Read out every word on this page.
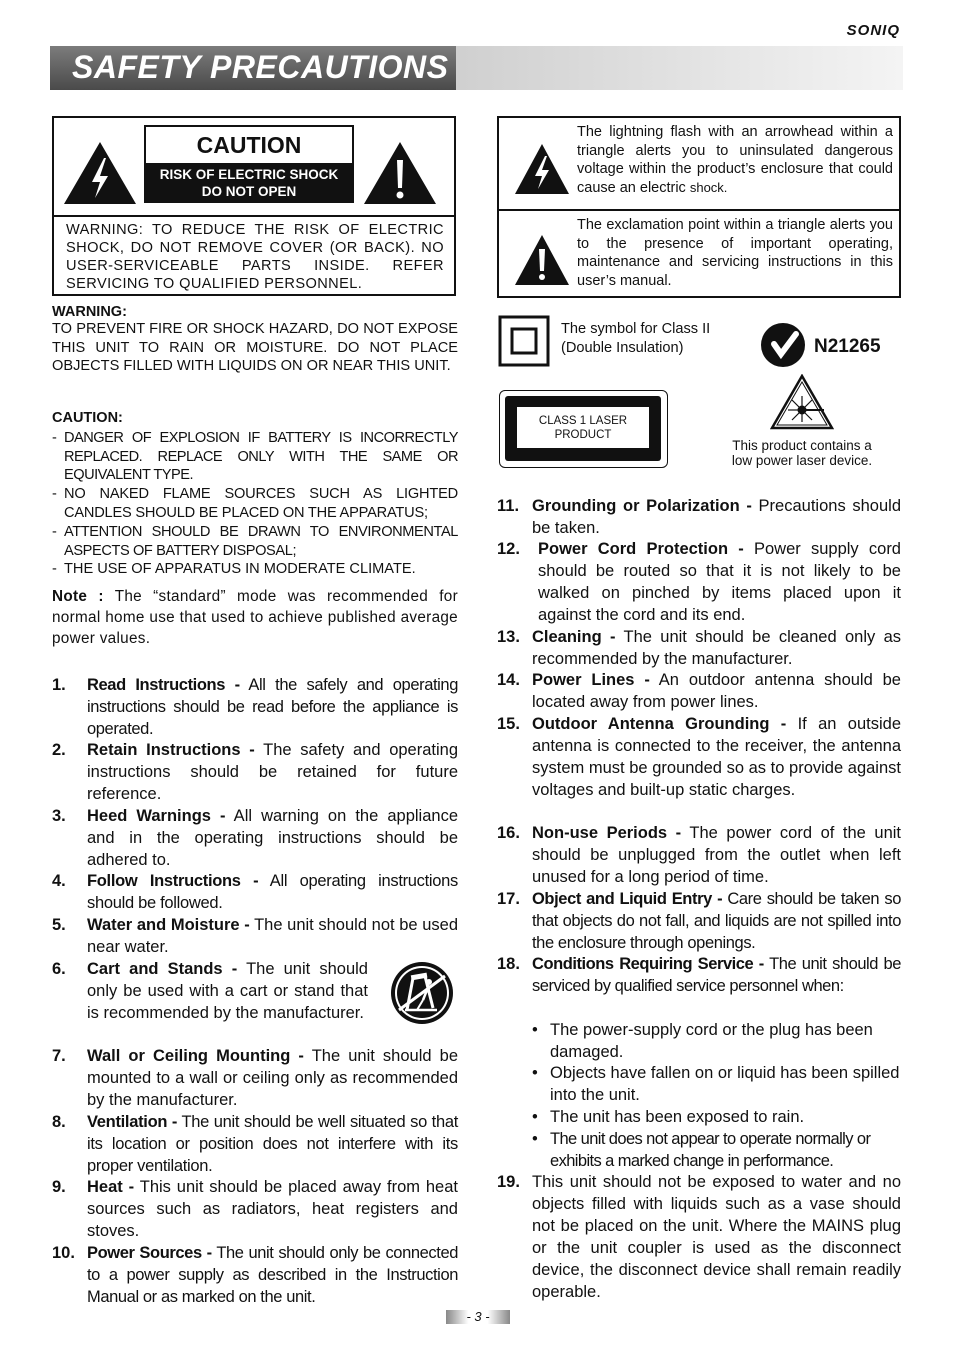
SONIQ
SAFETY PRECAUTIONS
CAUTION
RISK OF ELECTRIC SHOCK
DO NOT OPEN
WARNING: TO REDUCE THE RISK OF ELECTRIC SHOCK, DO NOT REMOVE COVER (OR BACK). NO USER-SERVICEABLE PARTS INSIDE. REFER SERVICING TO QUALIFIED PERSONNEL.
WARNING:
TO PREVENT FIRE OR SHOCK HAZARD, DO NOT EXPOSE THIS UNIT TO RAIN OR MOISTURE. DO NOT PLACE OBJECTS FILLED WITH LIQUIDS ON OR NEAR THIS UNIT.
CAUTION:
- DANGER OF EXPLOSION IF BATTERY IS INCORRECTLY REPLACED. REPLACE ONLY WITH THE SAME OR EQUIVALENT TYPE.
- NO NAKED FLAME SOURCES SUCH AS LIGHTED CANDLES SHOULD BE PLACED ON THE APPARATUS;
- ATTENTION SHOULD BE DRAWN TO ENVIRONMENTAL ASPECTS OF BATTERY DISPOSAL;
- THE USE OF APPARATUS IN MODERATE CLIMATE.
Note : The “standard” mode was recommended for normal home use that used to achieve published average power values.
1. Read Instructions - All the safely and operating instructions should be read before the appliance is operated.
2. Retain Instructions - The safety and operating instructions should be retained for future reference.
3. Heed Warnings - All warning on the appliance and in the operating instructions should be adhered to.
4. Follow Instructions - All operating instructions should be followed.
5. Water and Moisture - The unit should not be used near water.
6. Cart and Stands - The unit should only be used with a cart or stand that is recommended by the manufacturer.
7. Wall or Ceiling Mounting - The unit should be mounted to a wall or ceiling only as recommended by the manufacturer.
8. Ventilation - The unit should be well situated so that its location or position does not interfere with its proper ventilation.
9. Heat - This unit should be placed away from heat sources such as radiators, heat registers and stoves.
10. Power Sources - The unit should only be connected to a power supply as described in the Instruction Manual or as marked on the unit.
The lightning flash with an arrowhead within a triangle alerts you to uninsulated dangerous voltage within the product’s enclosure that could cause an electric shock.
The exclamation point within a triangle alerts you to the presence of important operating, maintenance and servicing instructions in this user’s manual.
The symbol for Class II (Double Insulation)	N21265
CLASS 1 LASER PRODUCT
This product contains a low power laser device.
11. Grounding or Polarization - Precautions should be taken.
12. Power Cord Protection - Power supply cord should be routed so that it is not likely to be walked on pinched by items placed upon it against the cord and its end.
13. Cleaning - The unit should be cleaned only as recommended by the manufacturer.
14. Power Lines - An outdoor antenna should be located away from power lines.
15. Outdoor Antenna Grounding - If an outside antenna is connected to the receiver, the antenna system must be grounded so as to provide against voltages and built-up static charges.
16. Non-use Periods - The power cord of the unit should be unplugged from the outlet when left unused for a long period of time.
17. Object and Liquid Entry - Care should be taken so that objects do not fall, and liquids are not spilled into the enclosure through openings.
18. Conditions Requiring Service - The unit should be serviced by qualified service personnel when:
• The power-supply cord or the plug has been damaged.
• Objects have fallen on or liquid has been spilled into the unit.
• The unit has been exposed to rain.
• The unit does not appear to operate normally or exhibits a marked change in performance.
19. This unit should not be exposed to water and no objects filled with liquids such as a vase should not be placed on the unit. Where the MAINS plug or the unit coupler is used as the disconnect device, the disconnect device shall remain readily operable.
- 3 -
